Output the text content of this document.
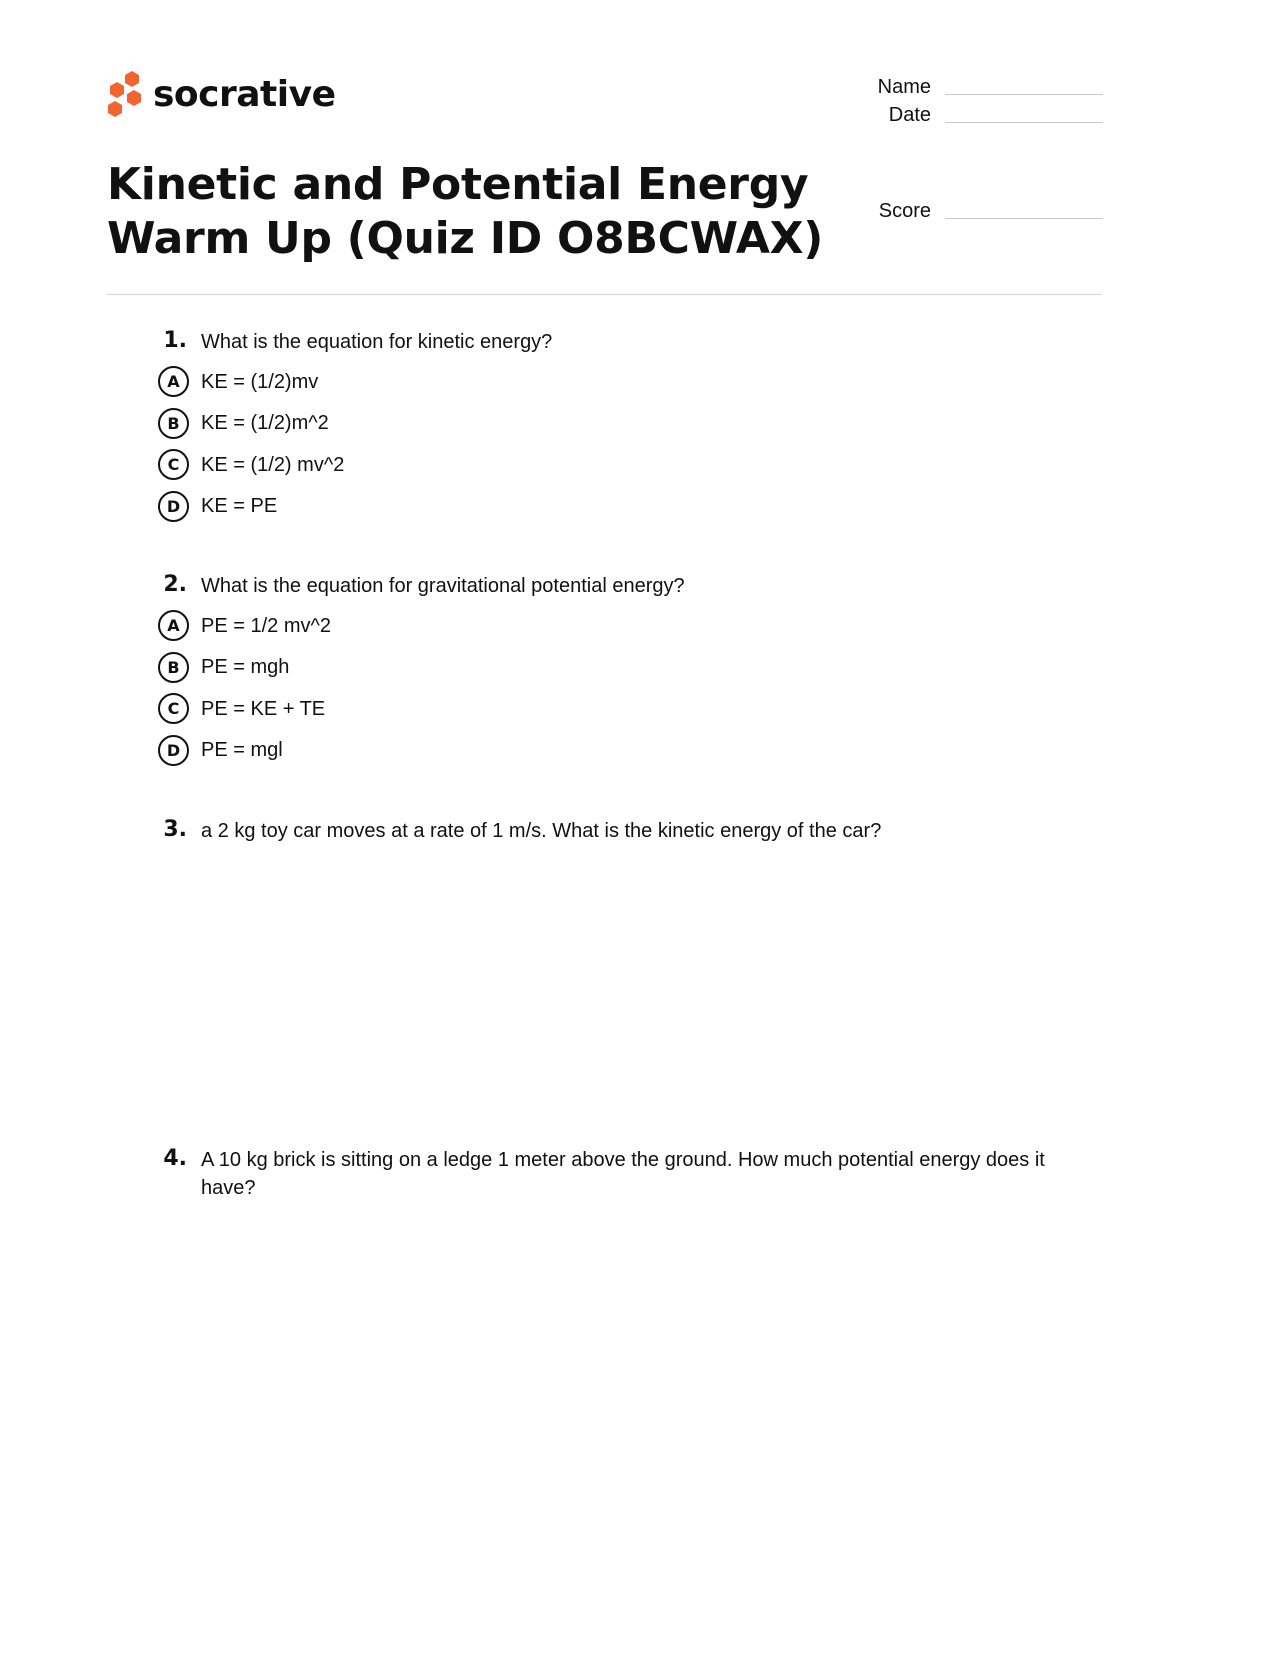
socrative	Name
Date
Score
Kinetic and Potential Energy
Warm Up (Quiz ID O8BCWAX)
1. What is the equation for kinetic energy?
A	KE = (1/2)mv
B	KE = (1/2)m^2
C	KE = (1/2) mv^2
D	KE = PE
2. What is the equation for gravitational potential energy?
A	PE = 1/2 mv^2
B	PE = mgh
C	PE = KE + TE
D	PE = mgl
3. a 2 kg toy car moves at a rate of 1 m/s. What is the kinetic energy of the car?
4. A 10 kg brick is sitting on a ledge 1 meter above the ground. How much potential energy does it have?
